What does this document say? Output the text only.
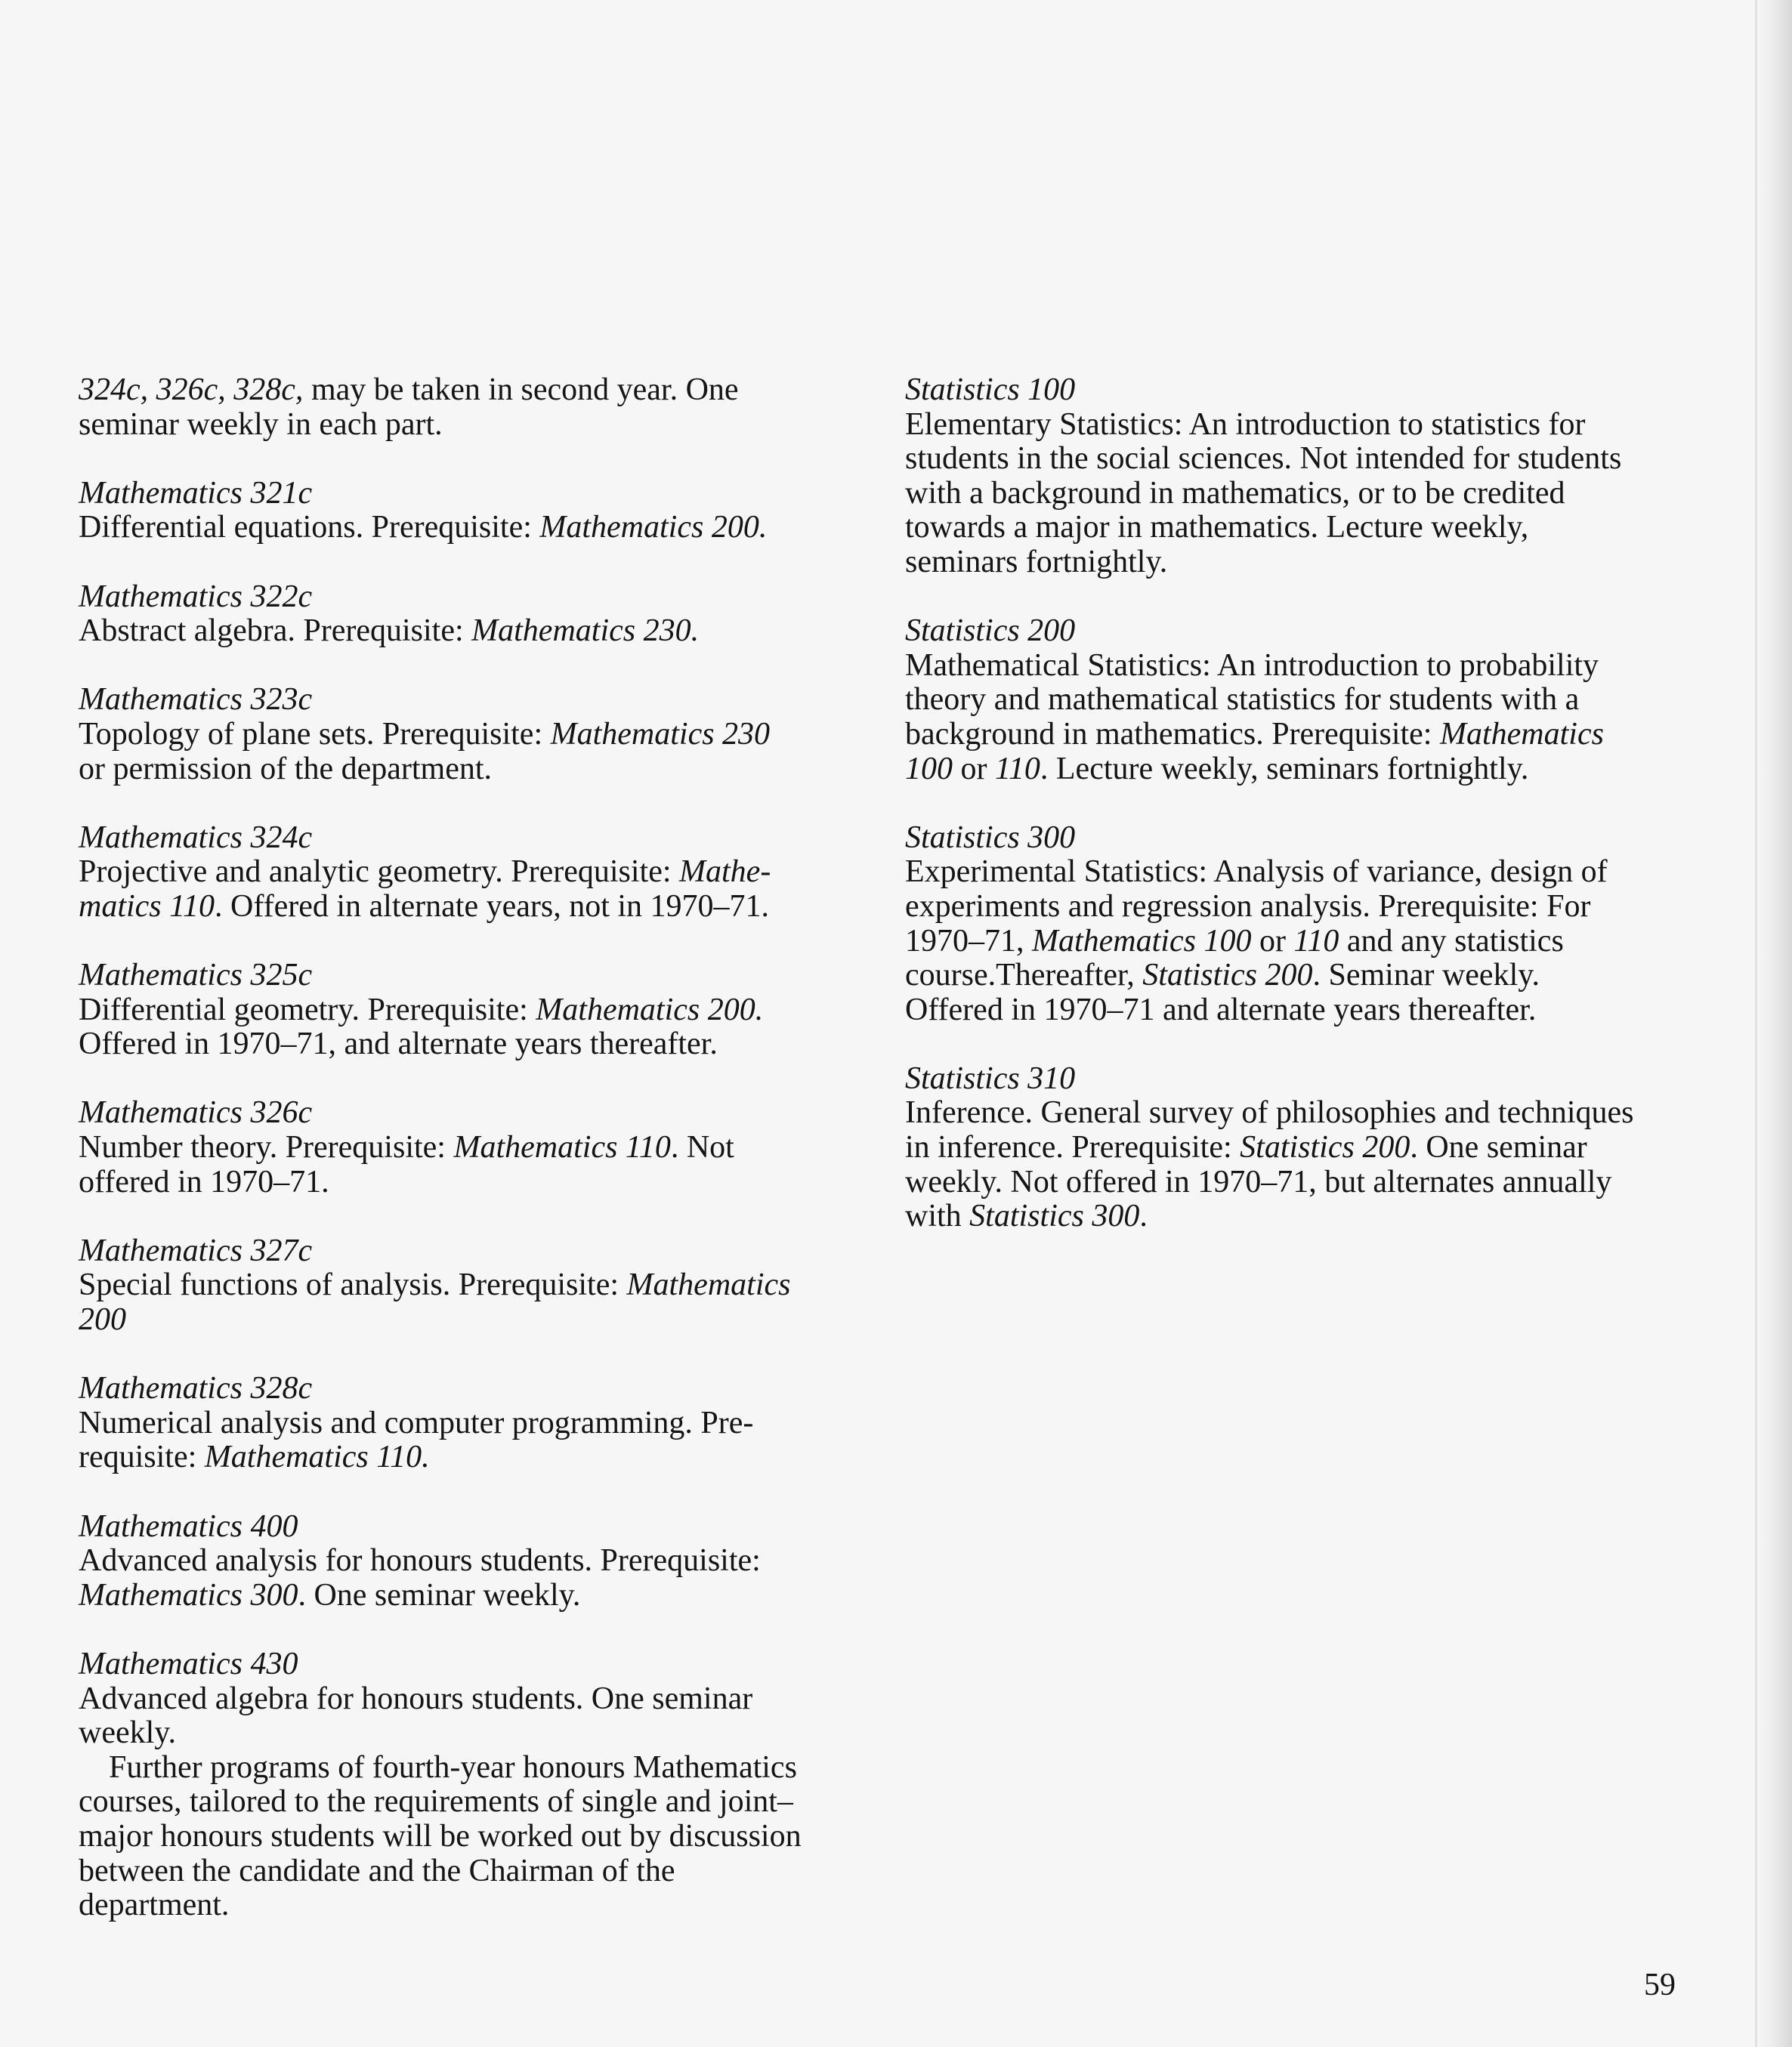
324c, 326c, 328c, may be taken in second year. One
seminar weekly in each part.

Mathematics 321c

Differential equations. Prerequisite: Mathematics 200.

Mathematics 322c

Abstract algebra. Prerequisite: Mathematics 230.

Mathematics 323c

Topology of plane sets. Prerequisite: Mathematics 230
or permission of the department.

Mathematics 324c

Projective and analytic geometry. Prerequisite: Mathe-
matics 110. Offered in alternate years, not in 1970–71.

Mathematics 325c

Differential geometry. Prerequisite: Mathematics 200.
Offered in 1970–71, and alternate years thereafter.

Mathematics 326c

Number theory. Prerequisite: Mathematics 110. Not
offered in 1970–71.

Mathematics 327c

Special functions of analysis. Prerequisite: Mathematics
200

Mathematics 328c

Numerical analysis and computer programming. Pre-
requisite: Mathematics 110.

Mathematics 400

Advanced analysis for honours students. Prerequisite:
Mathematics 300. One seminar weekly.

Mathematics 430

Advanced algebra for honours students. One seminar
weekly.

Further programs of fourth-year honours Mathematics
courses, tailored to the requirements of single and joint–
major honours students will be worked out by discussion
between the candidate and the Chairman of the
department.

Statistics 100

Elementary Statistics: An introduction to statistics for
students in the social sciences. Not intended for students
with a background in mathematics, or to be credited
towards a major in mathematics. Lecture weekly,
seminars fortnightly.

Statistics 200

Mathematical Statistics: An introduction to probability
theory and mathematical statistics for students with a
background in mathematics. Prerequisite: Mathematics
100 or 110. Lecture weekly, seminars fortnightly.

Statistics 300

Experimental Statistics: Analysis of variance, design of
experiments and regression analysis. Prerequisite: For
1970–71, Mathematics 100 or 110 and any statistics
course.Thereafter, Statistics 200. Seminar weekly.
Offered in 1970–71 and alternate years thereafter.

Statistics 310

Inference. General survey of philosophies and techniques
in inference. Prerequisite: Statistics 200. One seminar
weekly. Not offered in 1970–71, but alternates annually
with Statistics 300.

59
